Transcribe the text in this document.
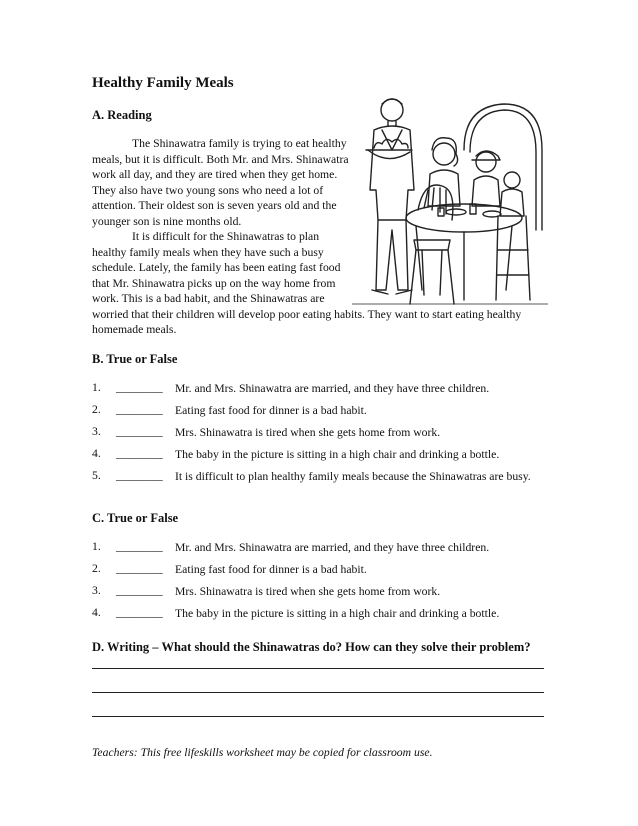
Healthy Family Meals
A. Reading

The Shinawatra family is trying to eat healthy meals, but it is difficult. Both Mr. and Mrs. Shinawatra work all day, and they are tired when they get home. They also have two young sons who need a lot of attention. Their oldest son is seven years old and the younger son is nine months old.

It is difficult for the Shinawatras to plan healthy family meals when they have such a busy schedule. Lately, the family has been eating fast food that Mr. Shinawatra picks up on the way home from work. This is a bad habit, and the Shinawatras are worried that their children will develop poor eating habits. They want to start eating healthy homemade meals.

B. True or False
1. ________ Mr. and Mrs. Shinawatra are married, and they have three children.
2. ________ Eating fast food for dinner is a bad habit.
3. ________ Mrs. Shinawatra is tired when she gets home from work.
4. ________ The baby in the picture is sitting in a high chair and drinking a bottle.
5. ________ It is difficult to plan healthy family meals because the Shinawatras are busy.
C. True or False
1. ________ Mr. and Mrs. Shinawatra are married, and they have three children.
2. ________ Eating fast food for dinner is a bad habit.
3. ________ Mrs. Shinawatra is tired when she gets home from work.
4. ________ The baby in the picture is sitting in a high chair and drinking a bottle.
D. Writing – What should the Shinawatras do? How can they solve their problem?
Teachers: This free lifeskills worksheet may be copied for classroom use.
